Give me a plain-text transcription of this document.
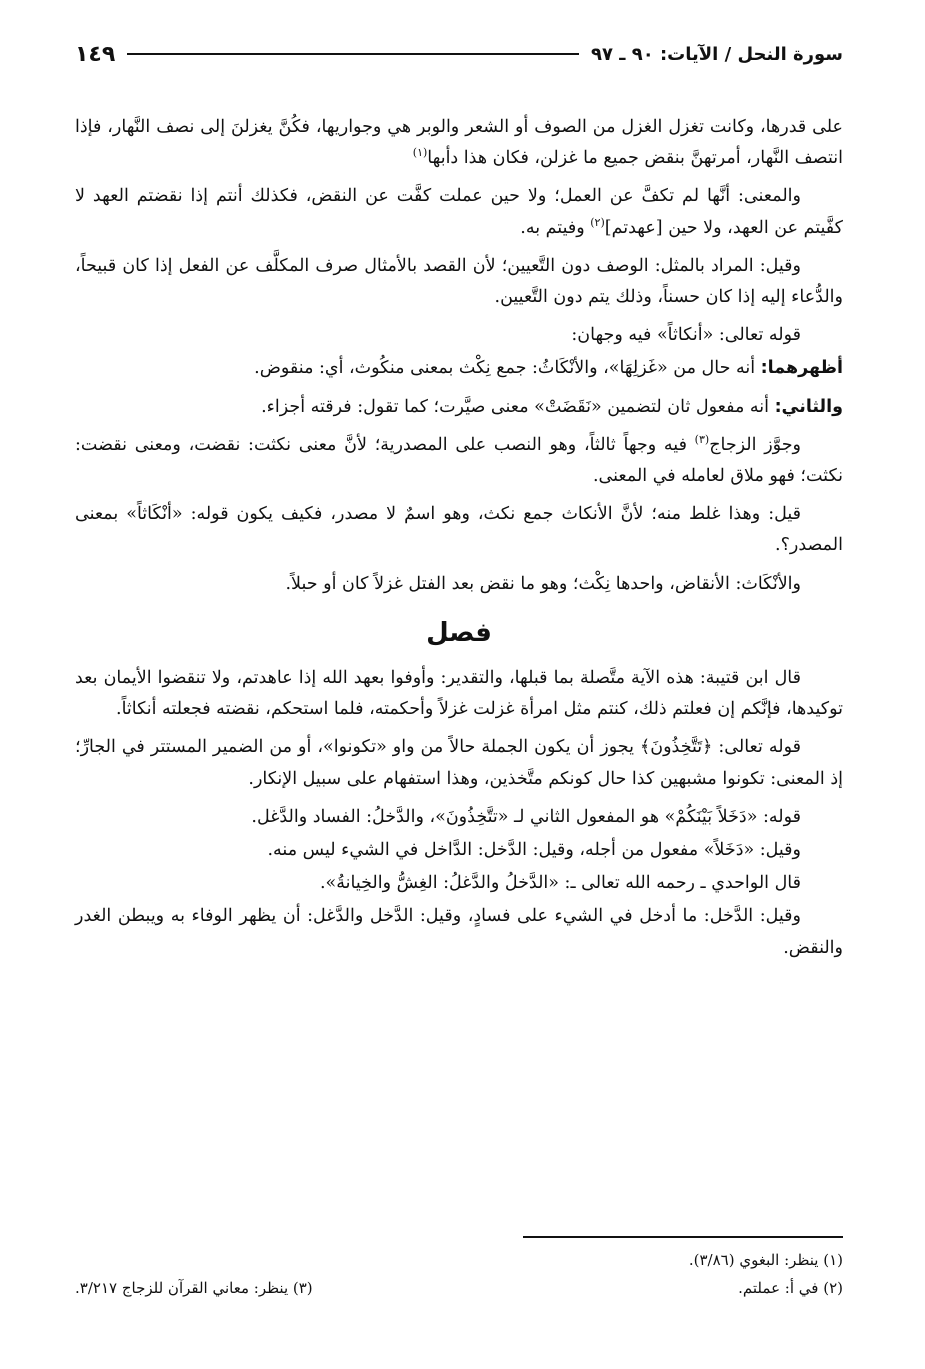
سورة النحل / الآيات: ٩٠ ـ ٩٧
١٤٩

على قدرها، وكانت تغزل الغزل من الصوف أو الشعر والوبر هي وجواريها، فكُنَّ يغزلنَ إلى نصف النَّهار، فإذا انتصف النَّهار، أمرتهنَّ بنقض جميع ما غزلن، فكان هذا دأبها$^{(١)}$

والمعنى: أنَّها لم تكفَّ عن العمل؛ ولا حين عملت كفَّت عن النقض، فكذلك أنتم إذا نقضتم العهد لا كفَّيتم عن العهد، ولا حين [عهدتم]$^{(٢)}$ وفيتم به.

وقيل: المراد بالمثل: الوصف دون التَّعيين؛ لأن القصد بالأمثال صرف المكلَّف عن الفعل إذا كان قبيحاً، والدُّعاء إليه إذا كان حسناً، وذلك يتم دون التَّعيين.

قوله تعالى: «أنكاثاً» فيه وجهان:

أظهرهما: أنه حال من «غَزلِهَا»، والأنْكَاثُ: جمع نِكْث بمعنى منكُوث، أي: منقوض.

والثاني: أنه مفعول ثان لتضمين «نَقَضَتْ» معنى صيَّرت؛ كما تقول: فرقته أجزاء.

وجوَّز الزجاج$^{(٣)}$ فيه وجهاً ثالثاً، وهو النصب على المصدرية؛ لأنَّ معنى نكثت: نقضت، ومعنى نقضت: نكثت؛ فهو ملاق لعامله في المعنى.

قيل: وهذا غلط منه؛ لأنَّ الأنكاث جمع نكث، وهو اسمٌ لا مصدر، فكيف يكون قوله: «أنْكَاثاً» بمعنى المصدر؟.

والأنْكَاث: الأنقاض، واحدها نِكْث؛ وهو ما نقض بعد الفتل غزلاً كان أو حبلاً.

فصل

قال ابن قتيبة: هذه الآية متَّصلة بما قبلها، والتقدير: وأوفوا بعهد الله إذا عاهدتم، ولا تنقضوا الأيمان بعد توكيدها، فإنَّكم إن فعلتم ذلك، كنتم مثل امرأة غزلت غزلاً وأحكمته، فلما استحكم، نقضته فجعلته أنكاثاً.

قوله تعالى: ﴿تَتَّخِذُونَ﴾ يجوز أن يكون الجملة حالاً من واو «تكونوا»، أو من الضمير المستتر في الجارِّ؛ إذ المعنى: تكونوا مشبهين كذا حال كونكم متَّخذين، وهذا استفهام على سبيل الإنكار.

قوله: «دَخَلاً بَيْنَكُمْ» هو المفعول الثاني لـ «تتَّخِذُونَ»، والدَّخلُ: الفساد والدَّغل.

وقيل: «دَخَلاً» مفعول من أجله، وقيل: الدَّخل: الدَّاخل في الشيء ليس منه.

قال الواحدي ـ رحمه الله تعالى ـ: «الدَّخلُ والدَّغلُ: الغِشُّ والخِيانةُ».

وقيل: الدَّخل: ما أدخل في الشيء على فسادٍ، وقيل: الدَّخل والدَّغل: أن يظهر الوفاء به ويبطن الغدر والنقض.

(١) ينظر: البغوي (٣/٨٦).
(٢) في أ: عملتم.
(٣) ينظر: معاني القرآن للزجاج ٣/٢١٧.
